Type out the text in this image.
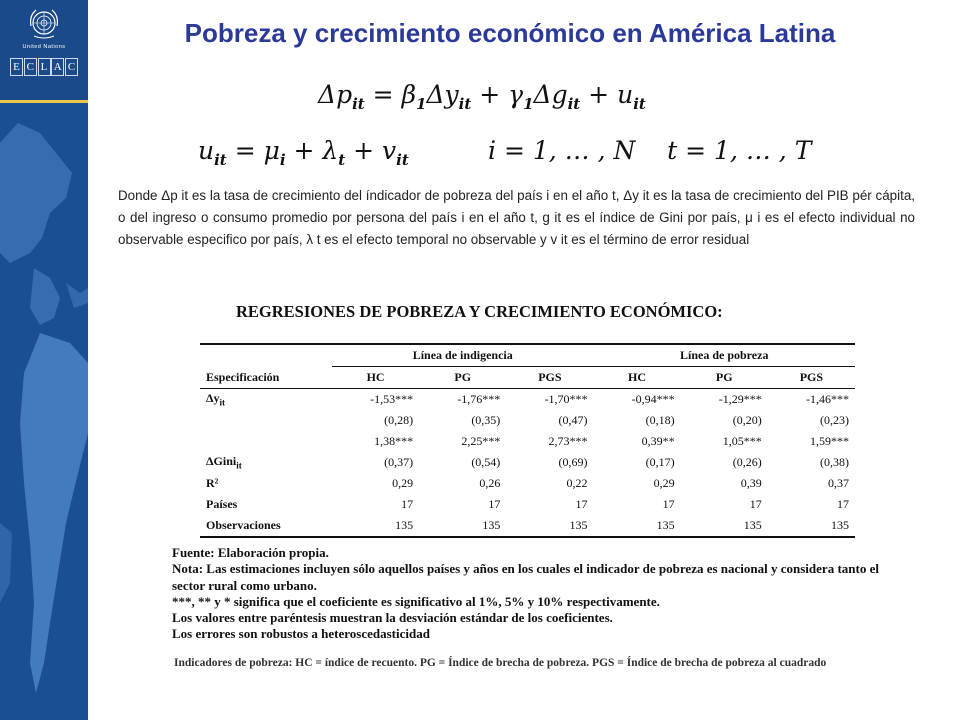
United Nations
E C L A C
Pobreza y crecimiento económico en América Latina
$\Delta p_{it} = \beta_1\Delta y_{it} + \gamma_1\Delta g_{it} + u_{it}$
$u_{it} = \mu_i + \lambda_t + v_{it}$	i = 1, … , N t = 1, … , T
Donde Δp it es la tasa de crecimiento del índicador de pobreza del país i en el año t, Δy it es la tasa de crecimiento del PIB pér cápita, o del ingreso o consumo promedio por persona del país i en el año t, g it es el índice de Gini por país, μ i es el efecto individual no observable especifico por país, λ t es el efecto temporal no observable y v it es el término de error residual
REGRESIONES DE POBREZA Y CRECIMIENTO ECONÓMICO:
	Línea de indigencia			Línea de pobreza		
Especificación	HC	PG	PGS	HC	PG	PGS
$\Delta y_{it}$	-1,53***	-1,76***	-1,70***	-0,94***	-1,29***	-1,46***
	(0,28)	(0,35)	(0,47)	(0,18)	(0,20)	(0,23)
	1,38***	2,25***	2,73***	0,39**	1,05***	1,59***
ΔGini$_{it}$	(0,37)	(0,54)	(0,69)	(0,17)	(0,26)	(0,38)
R²	0,29	0,26	0,22	0,29	0,39	0,37
Países	17	17	17	17	17	17
Observaciones	135	135	135	135	135	135
Fuente: Elaboración propia.
Nota: Las estimaciones incluyen sólo aquellos países y años en los cuales el indicador de pobreza es nacional y considera tanto el sector rural como urbano.
***, ** y * significa que el coeficiente es significativo al 1%, 5% y 10% respectivamente.
Los valores entre paréntesis muestran la desviación estándar de los coeficientes.
Los errores son robustos a heteroscedasticidad
Indicadores de pobreza: HC = índice de recuento. PG = Índice de brecha de pobreza. PGS = Índice de brecha de pobreza al cuadrado
